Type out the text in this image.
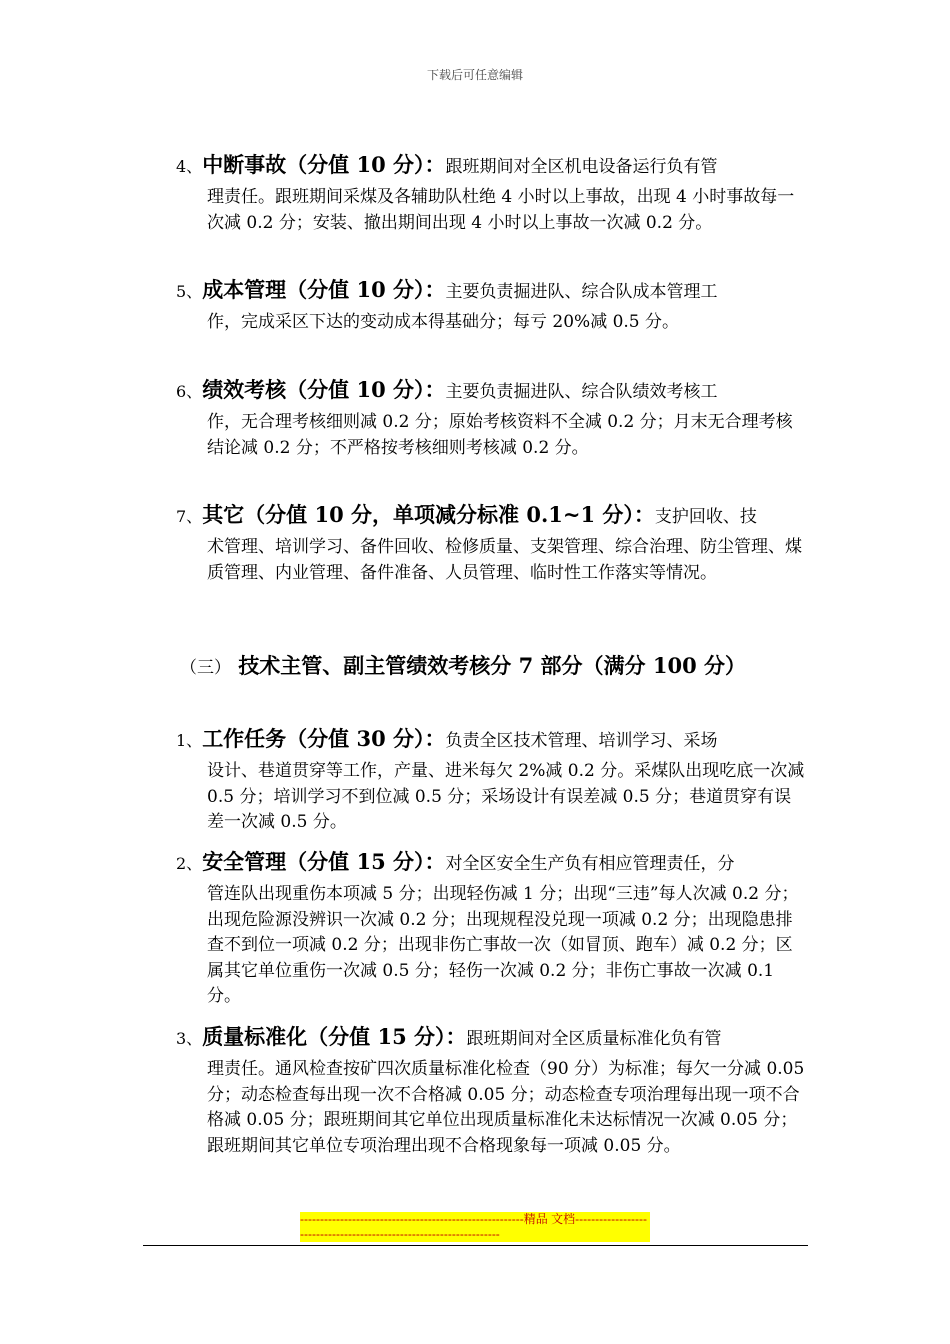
下载后可任意编辑
4、中断事故（分值 10 分）：跟班期间对全区机电设备运行负有管
理责任。跟班期间采煤及各辅助队杜绝 4 小时以上事故，出现 4 小时事故每一次减 0.2 分；安装、撤出期间出现 4 小时以上事故一次减 0.2 分。
5、成本管理（分值 10 分）：主要负责掘进队、综合队成本管理工
作，完成采区下达的变动成本得基础分；每亏 20%减 0.5 分。
6、绩效考核（分值 10 分）：主要负责掘进队、综合队绩效考核工
作，无合理考核细则减 0.2 分；原始考核资料不全减 0.2 分；月末无合理考核结论减 0.2 分；不严格按考核细则考核减 0.2 分。
7、其它（分值 10 分，单项减分标准 0.1~1 分）：支护回收、技
术管理、培训学习、备件回收、检修质量、支架管理、综合治理、防尘管理、煤质管理、内业管理、备件准备、人员管理、临时性工作落实等情况。
（三） 技术主管、副主管绩效考核分 7 部分（满分 100 分）
1、工作任务（分值 30 分）：负责全区技术管理、培训学习、采场
设计、巷道贯穿等工作，产量、进米每欠 2%减 0.2 分。采煤队出现吃底一次减 0.5 分；培训学习不到位减 0.5 分；采场设计有误差减 0.5 分；巷道贯穿有误差一次减 0.5 分。
2、安全管理（分值 15 分）：对全区安全生产负有相应管理责任，分
管连队出现重伤本项减 5 分；出现轻伤减 1 分；出现“三违”每人次减 0.2 分；出现危险源没辨识一次减 0.2 分；出现规程没兑现一项减 0.2 分；出现隐患排查不到位一项减 0.2 分；出现非伤亡事故一次（如冒顶、跑车）减 0.2 分；区属其它单位重伤一次减 0.5 分；轻伤一次减 0.2 分；非伤亡事故一次减 0.1 分。
3、质量标准化（分值 15 分）：跟班期间对全区质量标准化负有管
理责任。通风检查按矿四次质量标准化检查（90 分）为标准；每欠一分减 0.05 分；动态检查每出现一次不合格减 0.05 分；动态检查专项治理每出现一项不合格减 0.05 分；跟班期间其它单位出现质量标准化未达标情况一次减 0.05 分；跟班期间其它单位专项治理出现不合格现象每一项减 0.05 分。
--------------------------------------------------------精品 文档--------------------------------------------------------------------
